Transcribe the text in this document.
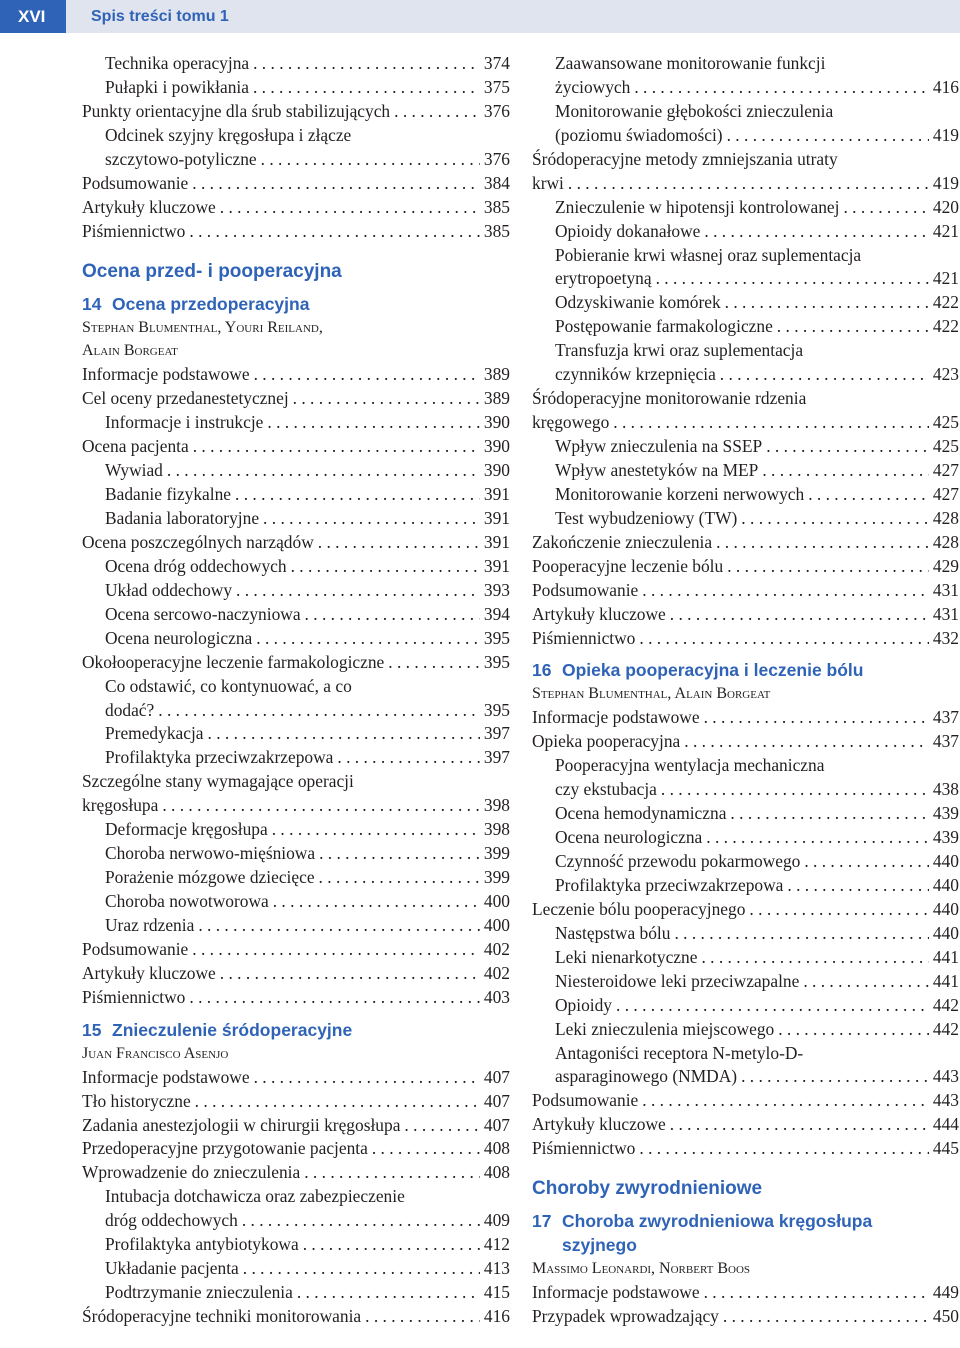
XVI	Spis treści tomu 1
Technika operacyjna . . .	374
Pułapki i powikłania . . .	375
Punkty orientacyjne dla śrub stabilizujących . . .	376
Odcinek szyjny kręgosłupa i złącze
szczytowo-potyliczne . . .	376
Podsumowanie . . .	384
Artykuły kluczowe . . .	385
Piśmiennictwo . . .	385
Ocena przed- i pooperacyjna
14 Ocena przedoperacyjna
Stephan Blumenthal, Youri Reiland,
Alain Borgeat
Informacje podstawowe . . .	389
Cel oceny przedanestetycznej . . .	389
Informacje i instrukcje . . .	390
Ocena pacjenta . . .	390
Wywiad . . .	390
Badanie fizykalne . . .	391
Badania laboratoryjne . . .	391
Ocena poszczególnych narządów . . .	391
Ocena dróg oddechowych . . .	391
Układ oddechowy . . .	393
Ocena sercowo-naczyniowa . . .	394
Ocena neurologiczna . . .	395
Okołooperacyjne leczenie farmakologiczne . . .	395
Co odstawić, co kontynuować, a co
dodać? . . .	395
Premedykacja . . .	397
Profilaktyka przeciwzakrzepowa . . .	397
Szczególne stany wymagające operacji
kręgosłupa . . .	398
Deformacje kręgosłupa . . .	398
Choroba nerwowo-mięśniowa . . .	399
Porażenie mózgowe dziecięce . . .	399
Choroba nowotworowa . . .	400
Uraz rdzenia . . .	400
Podsumowanie . . .	402
Artykuły kluczowe . . .	402
Piśmiennictwo . . .	403
15 Znieczulenie śródoperacyjne
Juan Francisco Asenjo
Informacje podstawowe . . .	407
Tło historyczne . . .	407
Zadania anestezjologii w chirurgii kręgosłupa . . .	407
Przedoperacyjne przygotowanie pacjenta . . .	408
Wprowadzenie do znieczulenia . . .	408
Intubacja dotchawicza oraz zabezpieczenie
dróg oddechowych . . .	409
Profilaktyka antybiotykowa . . .	412
Układanie pacjenta . . .	413
Podtrzymanie znieczulenia . . .	415
Śródoperacyjne techniki monitorowania . . .	416
Zaawansowane monitorowanie funkcji
życiowych . . .	416
Monitorowanie głębokości znieczulenia
(poziomu świadomości) . . .	419
Śródoperacyjne metody zmniejszania utraty
krwi . . .	419
Znieczulenie w hipotensji kontrolowanej . . .	420
Opioidy dokanałowe . . .	421
Pobieranie krwi własnej oraz suplementacja
erytropoetyną . . .	421
Odzyskiwanie komórek . . .	422
Postępowanie farmakologiczne . . .	422
Transfuzja krwi oraz suplementacja
czynników krzepnięcia . . .	423
Śródoperacyjne monitorowanie rdzenia
kręgowego . . .	425
Wpływ znieczulenia na SSEP . . .	425
Wpływ anestetyków na MEP . . .	427
Monitorowanie korzeni nerwowych . . .	427
Test wybudzeniowy (TW) . . .	428
Zakończenie znieczulenia . . .	428
Pooperacyjne leczenie bólu . . .	429
Podsumowanie . . .	431
Artykuły kluczowe . . .	431
Piśmiennictwo . . .	432
16 Opieka pooperacyjna i leczenie bólu
Stephan Blumenthal, Alain Borgeat
Informacje podstawowe . . .	437
Opieka pooperacyjna . . .	437
Pooperacyjna wentylacja mechaniczna
czy ekstubacja . . .	438
Ocena hemodynamiczna . . .	439
Ocena neurologiczna . . .	439
Czynność przewodu pokarmowego . . .	440
Profilaktyka przeciwzakrzepowa . . .	440
Leczenie bólu pooperacyjnego . . .	440
Następstwa bólu . . .	440
Leki nienarkotyczne . . .	441
Niesteroidowe leki przeciwzapalne . . .	441
Opioidy . . .	442
Leki znieczulenia miejscowego . . .	442
Antagoniści receptora N-metylo-D-
asparaginowego (NMDA) . . .	443
Podsumowanie . . .	443
Artykuły kluczowe . . .	444
Piśmiennictwo . . .	445
Choroby zwyrodnieniowe
17 Choroba zwyrodnieniowa kręgosłupa
szyjnego
Massimo Leonardi, Norbert Boos
Informacje podstawowe . . .	449
Przypadek wprowadzający . . .	450
